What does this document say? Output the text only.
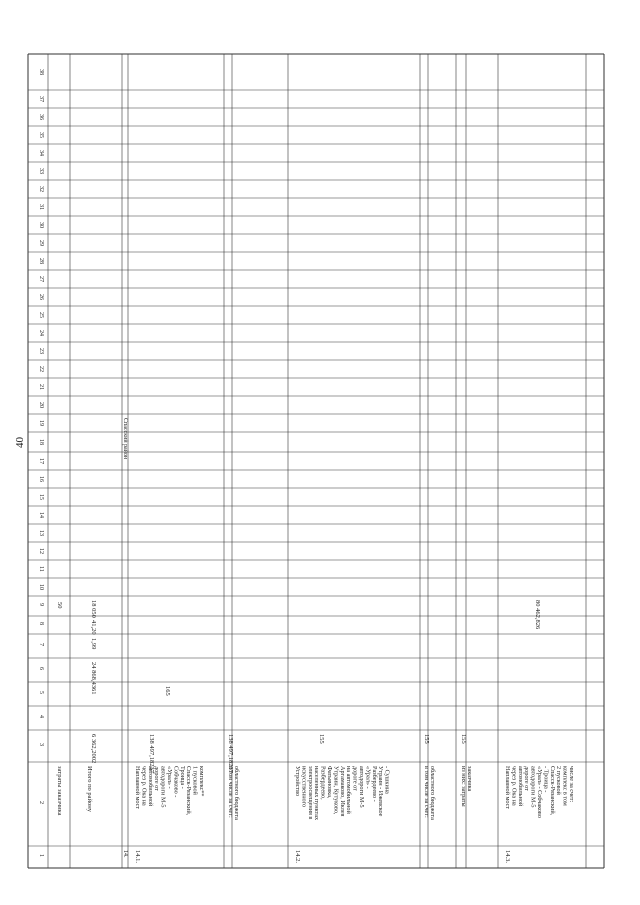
40
1
2
3
4
5
6
7
8
9
10
11
12
13
14
15
16
17
18
19
20
21
22
23
24
25
26
27
28
29
30
31
32
33
34
35
36
37
38
затраты заказчика
50
Итого по району
6 362,2002
24 868,4361
1,99
41,20
18 050
14.
Спасский район
14.1.
Наплавной мост через р. Ока на автомобильной дороге от автодороги М-5 «Урал» - Собчаково - Троица - Спасск-Рязанский, 1 пусковой комплекс**
138 497,18237
165
в том числе за счет: областного бюджета
138 497,18237
14.2.
Устройство искусственного электроосвещения в населенных пунктах Разбердеево, Фатьяновка, Утраин, Кутуково, Аргамаково, Иклея на автомобильной дороге от автодороги М-5 «Урал» - Разбердеево - Утраин - Ижевское - Сушкина
155
в том числе за счет: областного бюджета
155
из них: затраты заказчика
155
14.3.
Наплавной мост через р. Ока на автомобильной дороге от автодороги М-5 «Урал» - Собчаково - Троица - Спасск-Рязанский, 2 пусковой комплекс в том числе за счет:
80 462,826
